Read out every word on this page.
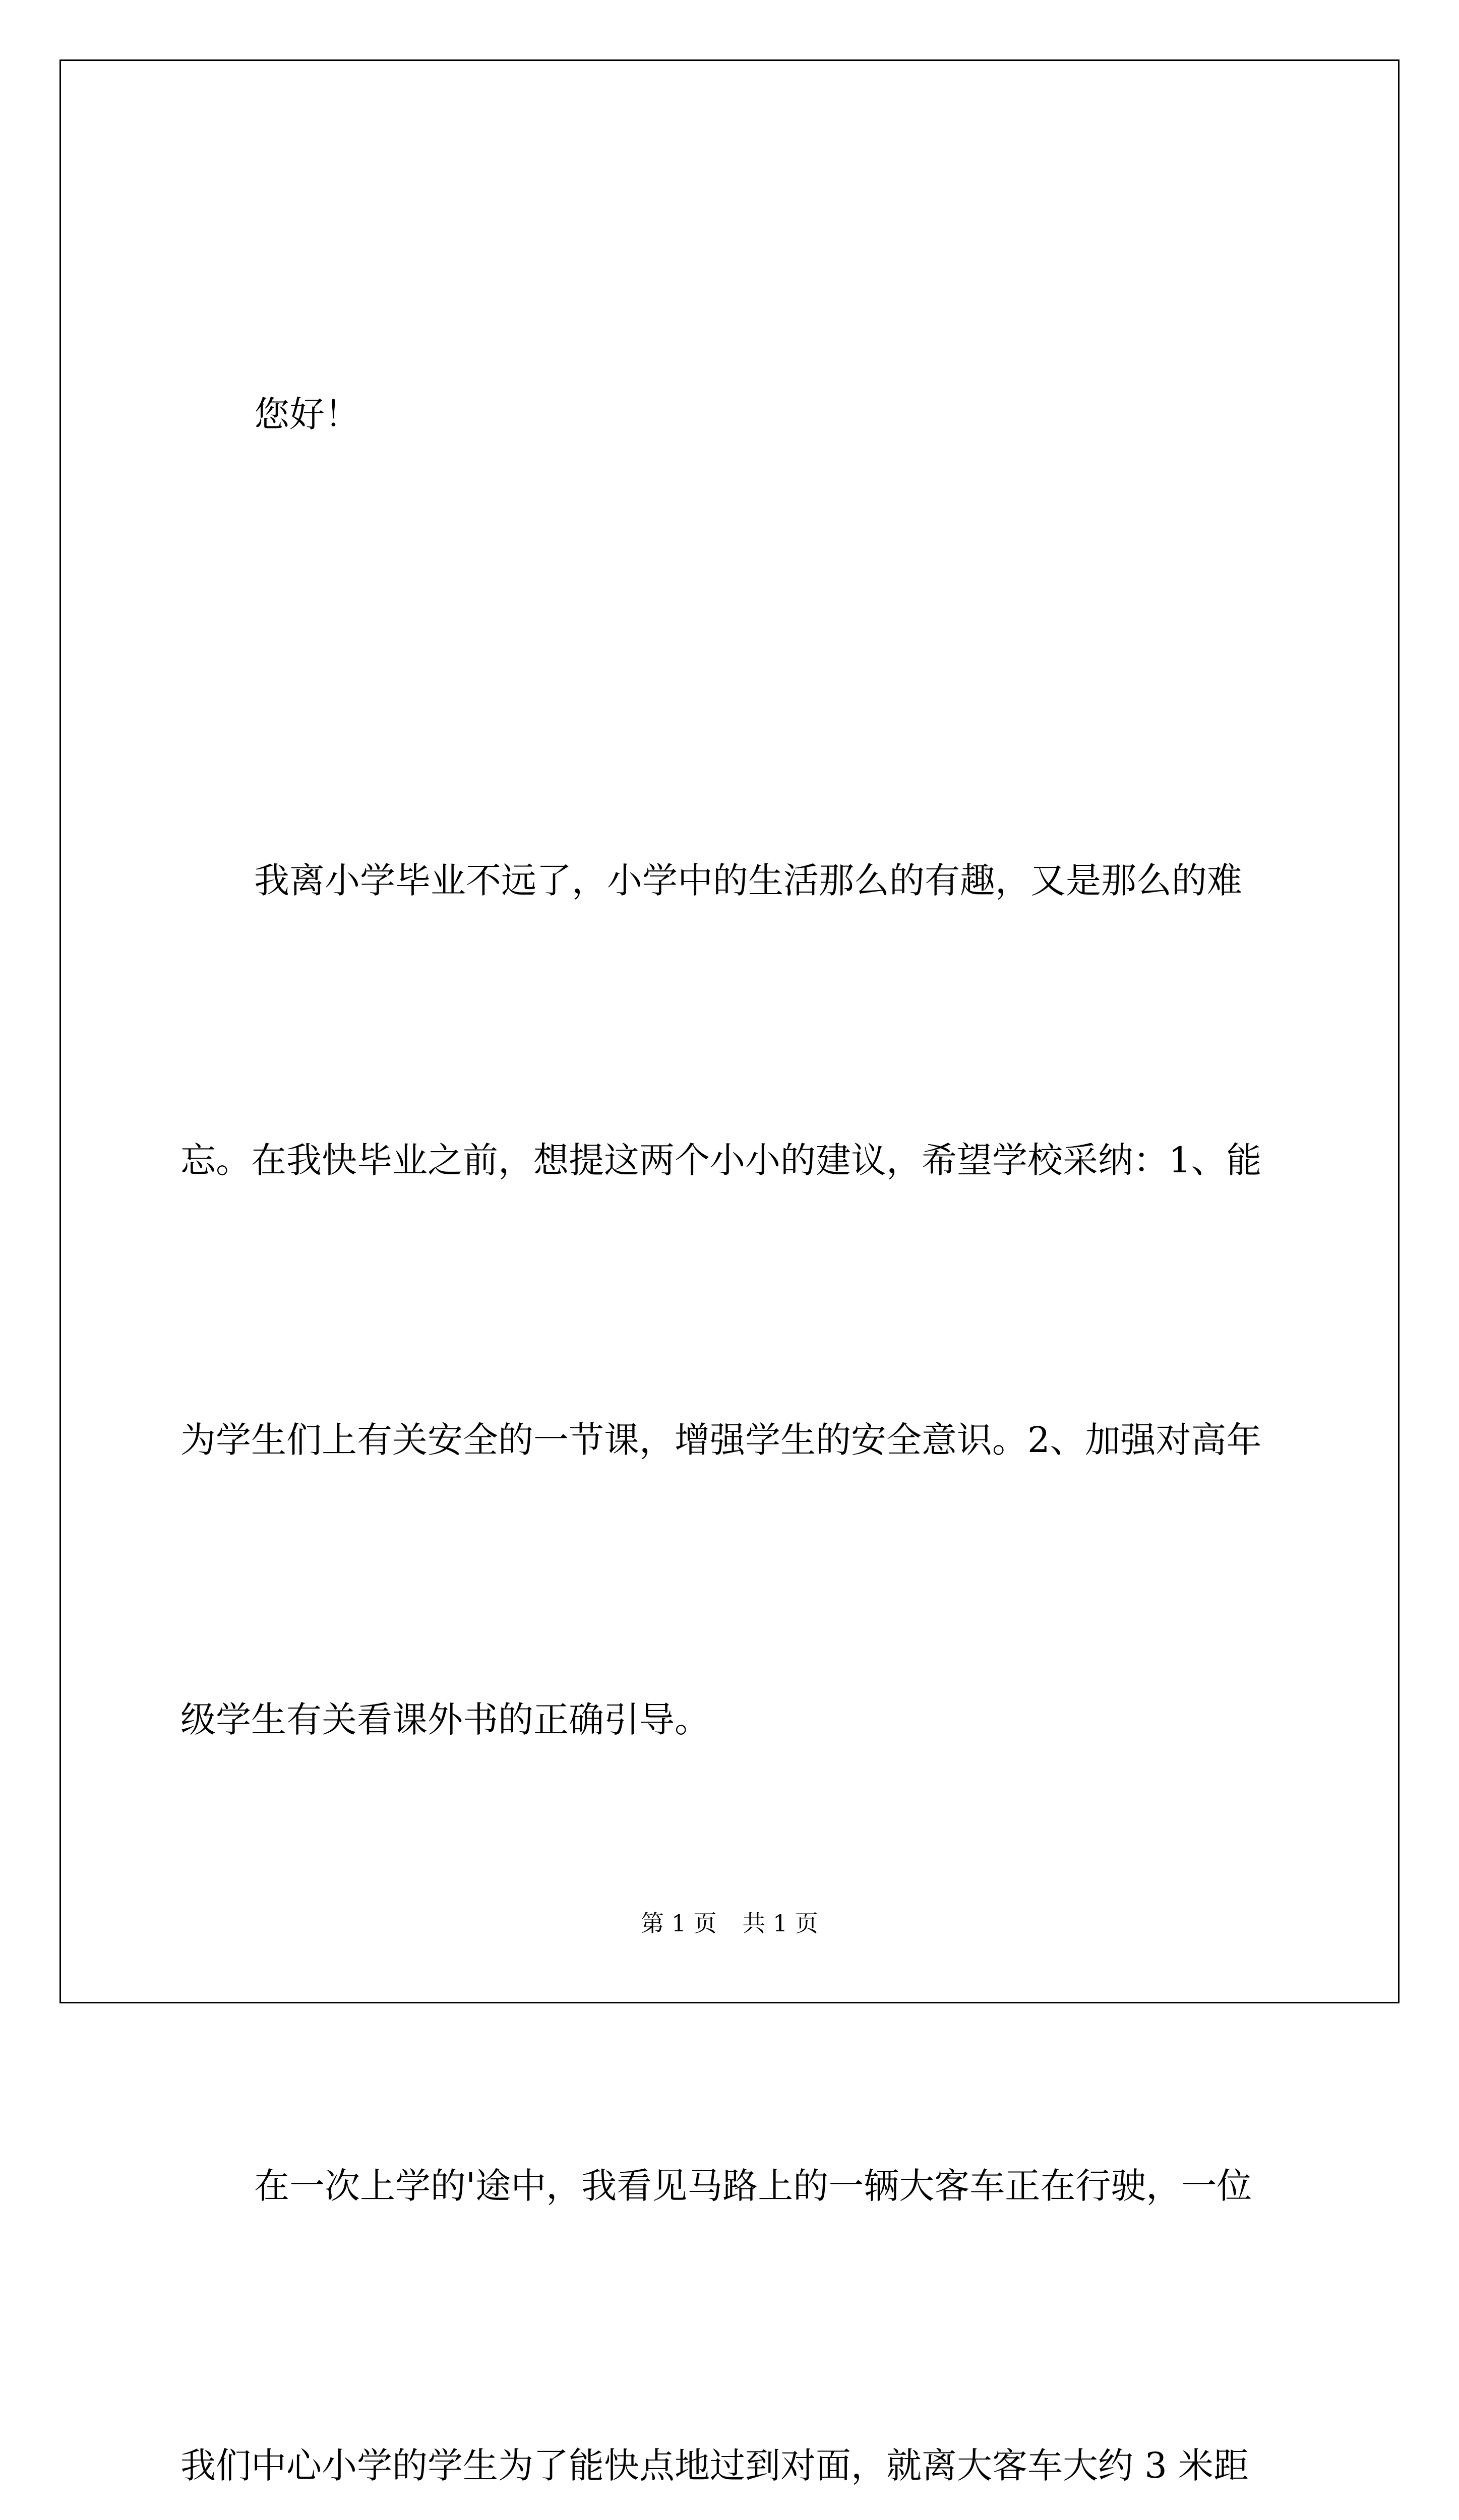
您好！

我离小学毕业不远了，小学中的生活那么的有趣，又是那么的难

忘。在我快毕业之前，想提这两个小小的建议，希望学校采纳：1、能

为学生们上有关安全的一节课，增强学生的安全意识。2、加强对高年

级学生有关看课外书的正确引导。

在一次上学的'途中，我看见马路上的一辆大客车正在行驶，一位

我们中心小学的学生为了能快点地过到对面，就离大客车大约 3 米距

第 1 页 共 1 页
